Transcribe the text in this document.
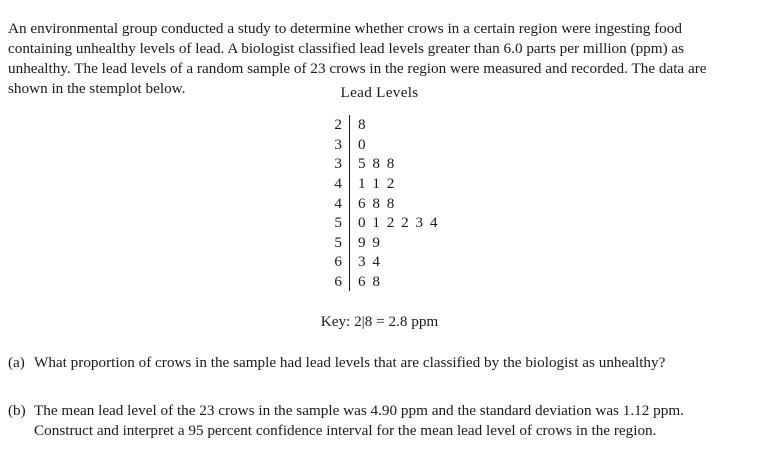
An environmental group conducted a study to determine whether crows in a certain region were ingesting food containing unhealthy levels of lead. A biologist classified lead levels greater than 6.0 parts per million (ppm) as unhealthy. The lead levels of a random sample of 23 crows in the region were measured and recorded. The data are shown in the stemplot below.	Lead Levels
2	8
3	0
3	5 8 8
4	1 1 2
4	6 8 8
5	0 1 2 2 3 4
5	9 9
6	3 4
6	6 8
Key: 2|8 = 2.8 ppm
(a) What proportion of crows in the sample had lead levels that are classified by the biologist as unhealthy?
(b) The mean lead level of the 23 crows in the sample was 4.90 ppm and the standard deviation was 1.12 ppm.
Construct and interpret a 95 percent confidence interval for the mean lead level of crows in the region.
